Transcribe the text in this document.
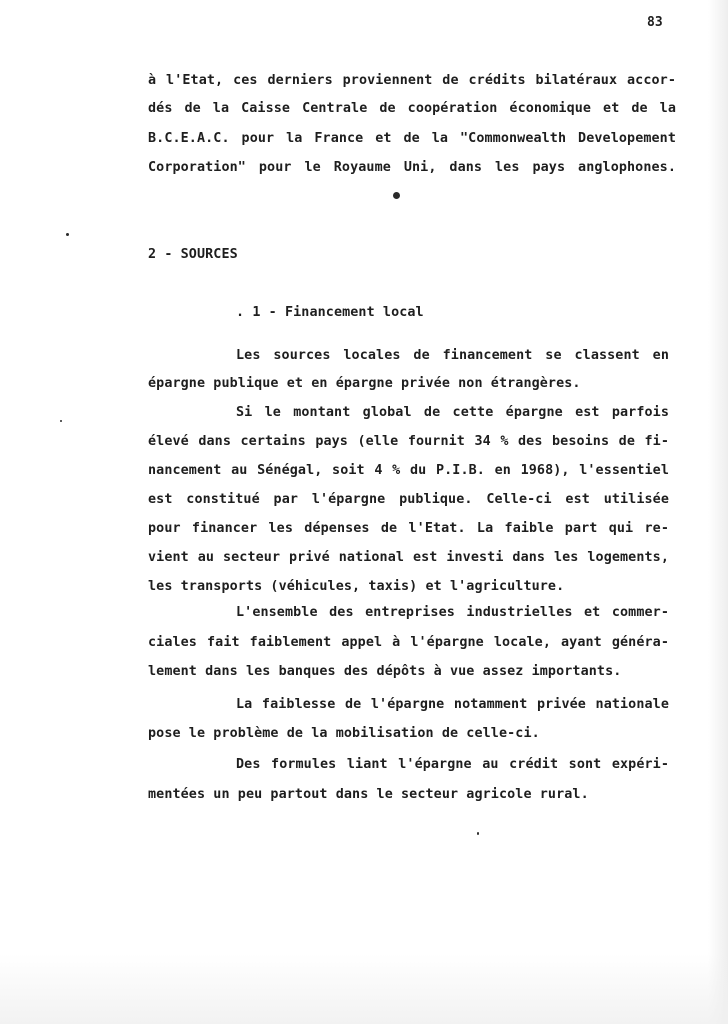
83
à l'Etat, ces derniers proviennent de crédits bilatéraux accor-
dés de la Caisse Centrale de coopération économique et de la
B.C.E.A.C. pour la France et de la "Commonwealth Developement
Corporation" pour le Royaume Uni, dans les pays anglophones.
2 - SOURCES
. 1 - Financement local
Les sources locales de financement se classent en
épargne publique et en épargne privée non étrangères.
Si le montant global de cette épargne est parfois
élevé dans certains pays (elle fournit 34 % des besoins de fi-
nancement au Sénégal, soit 4 % du P.I.B. en 1968), l'essentiel
est constitué par l'épargne publique. Celle-ci est utilisée
pour financer les dépenses de l'Etat. La faible part qui re-
vient au secteur privé national est investi dans les logements,
les transports (véhicules, taxis) et l'agriculture.
L'ensemble des entreprises industrielles et commer-
ciales fait faiblement appel à l'épargne locale, ayant généra-
lement dans les banques des dépôts à vue assez importants.
La faiblesse de l'épargne notamment privée nationale
pose le problème de la mobilisation de celle-ci.
Des formules liant l'épargne au crédit sont expéri-
mentées un peu partout dans le secteur agricole rural.
